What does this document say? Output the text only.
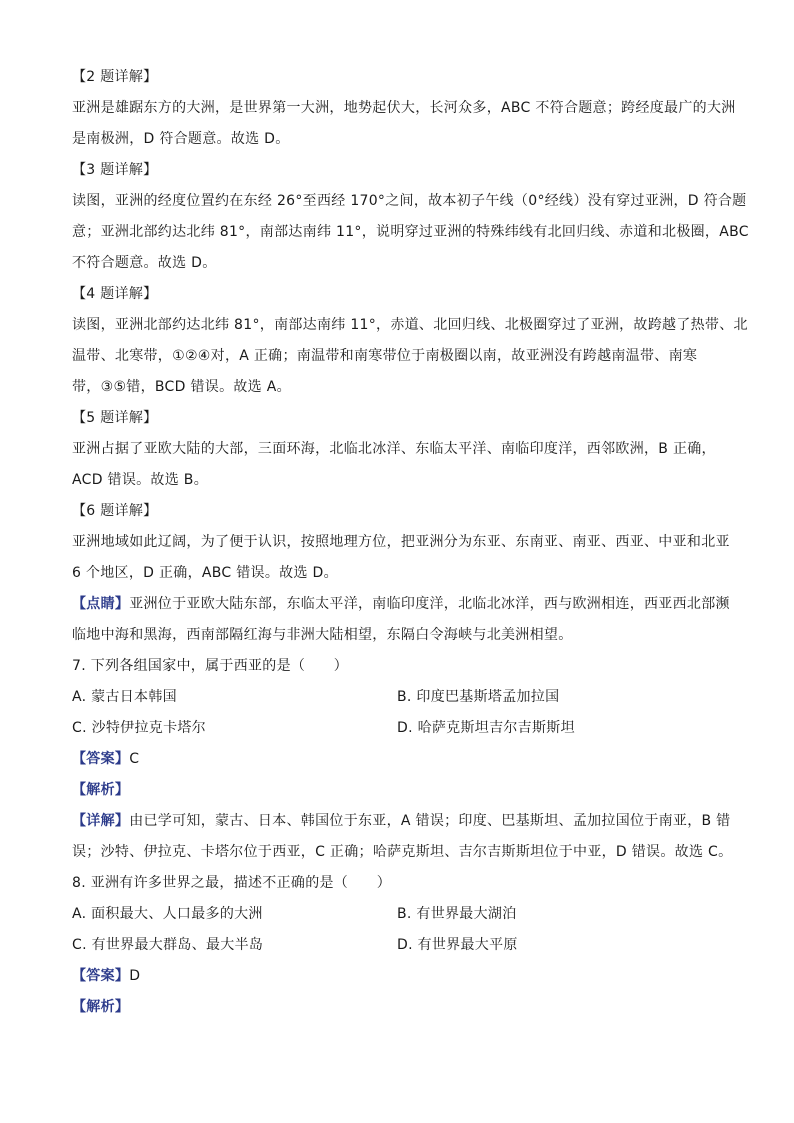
【2 题详解】
亚洲是雄踞东方的大洲，是世界第一大洲，地势起伏大，长河众多，ABC 不符合题意；跨经度最广的大洲
是南极洲，D 符合题意。故选 D。
【3 题详解】
读图，亚洲的经度位置约在东经 26°至西经 170°之间，故本初子午线（0°经线）没有穿过亚洲，D 符合题
意；亚洲北部约达北纬 81°，南部达南纬 11°，说明穿过亚洲的特殊纬线有北回归线、赤道和北极圈，ABC
不符合题意。故选 D。
【4 题详解】
读图，亚洲北部约达北纬 81°，南部达南纬 11°，赤道、北回归线、北极圈穿过了亚洲，故跨越了热带、北
温带、北寒带，①②④对，A 正确；南温带和南寒带位于南极圈以南，故亚洲没有跨越南温带、南寒
带，③⑤错，BCD 错误。故选 A。
【5 题详解】
亚洲占据了亚欧大陆的大部，三面环海，北临北冰洋、东临太平洋、南临印度洋，西邻欧洲，B 正确，
ACD 错误。故选 B。
【6 题详解】
亚洲地域如此辽阔，为了便于认识，按照地理方位，把亚洲分为东亚、东南亚、南亚、西亚、中亚和北亚
6 个地区，D 正确，ABC 错误。故选 D。
【点睛】亚洲位于亚欧大陆东部，东临太平洋，南临印度洋，北临北冰洋，西与欧洲相连，西亚西北部濒
临地中海和黑海，西南部隔红海与非洲大陆相望，东隔白令海峡与北美洲相望。
7. 下列各组国家中，属于西亚的是（　　）
A. 蒙古日本韩国	B. 印度巴基斯塔孟加拉国
C. 沙特伊拉克卡塔尔	D. 哈萨克斯坦吉尔吉斯斯坦
【答案】C
【解析】
【详解】由已学可知，蒙古、日本、韩国位于东亚，A 错误；印度、巴基斯坦、孟加拉国位于南亚，B 错
误；沙特、伊拉克、卡塔尔位于西亚，C 正确；哈萨克斯坦、吉尔吉斯斯坦位于中亚，D 错误。故选 C。
8. 亚洲有许多世界之最，描述不正确的是（　　）
A. 面积最大、人口最多的大洲	B. 有世界最大湖泊
C. 有世界最大群岛、最大半岛	D. 有世界最大平原
【答案】D
【解析】
